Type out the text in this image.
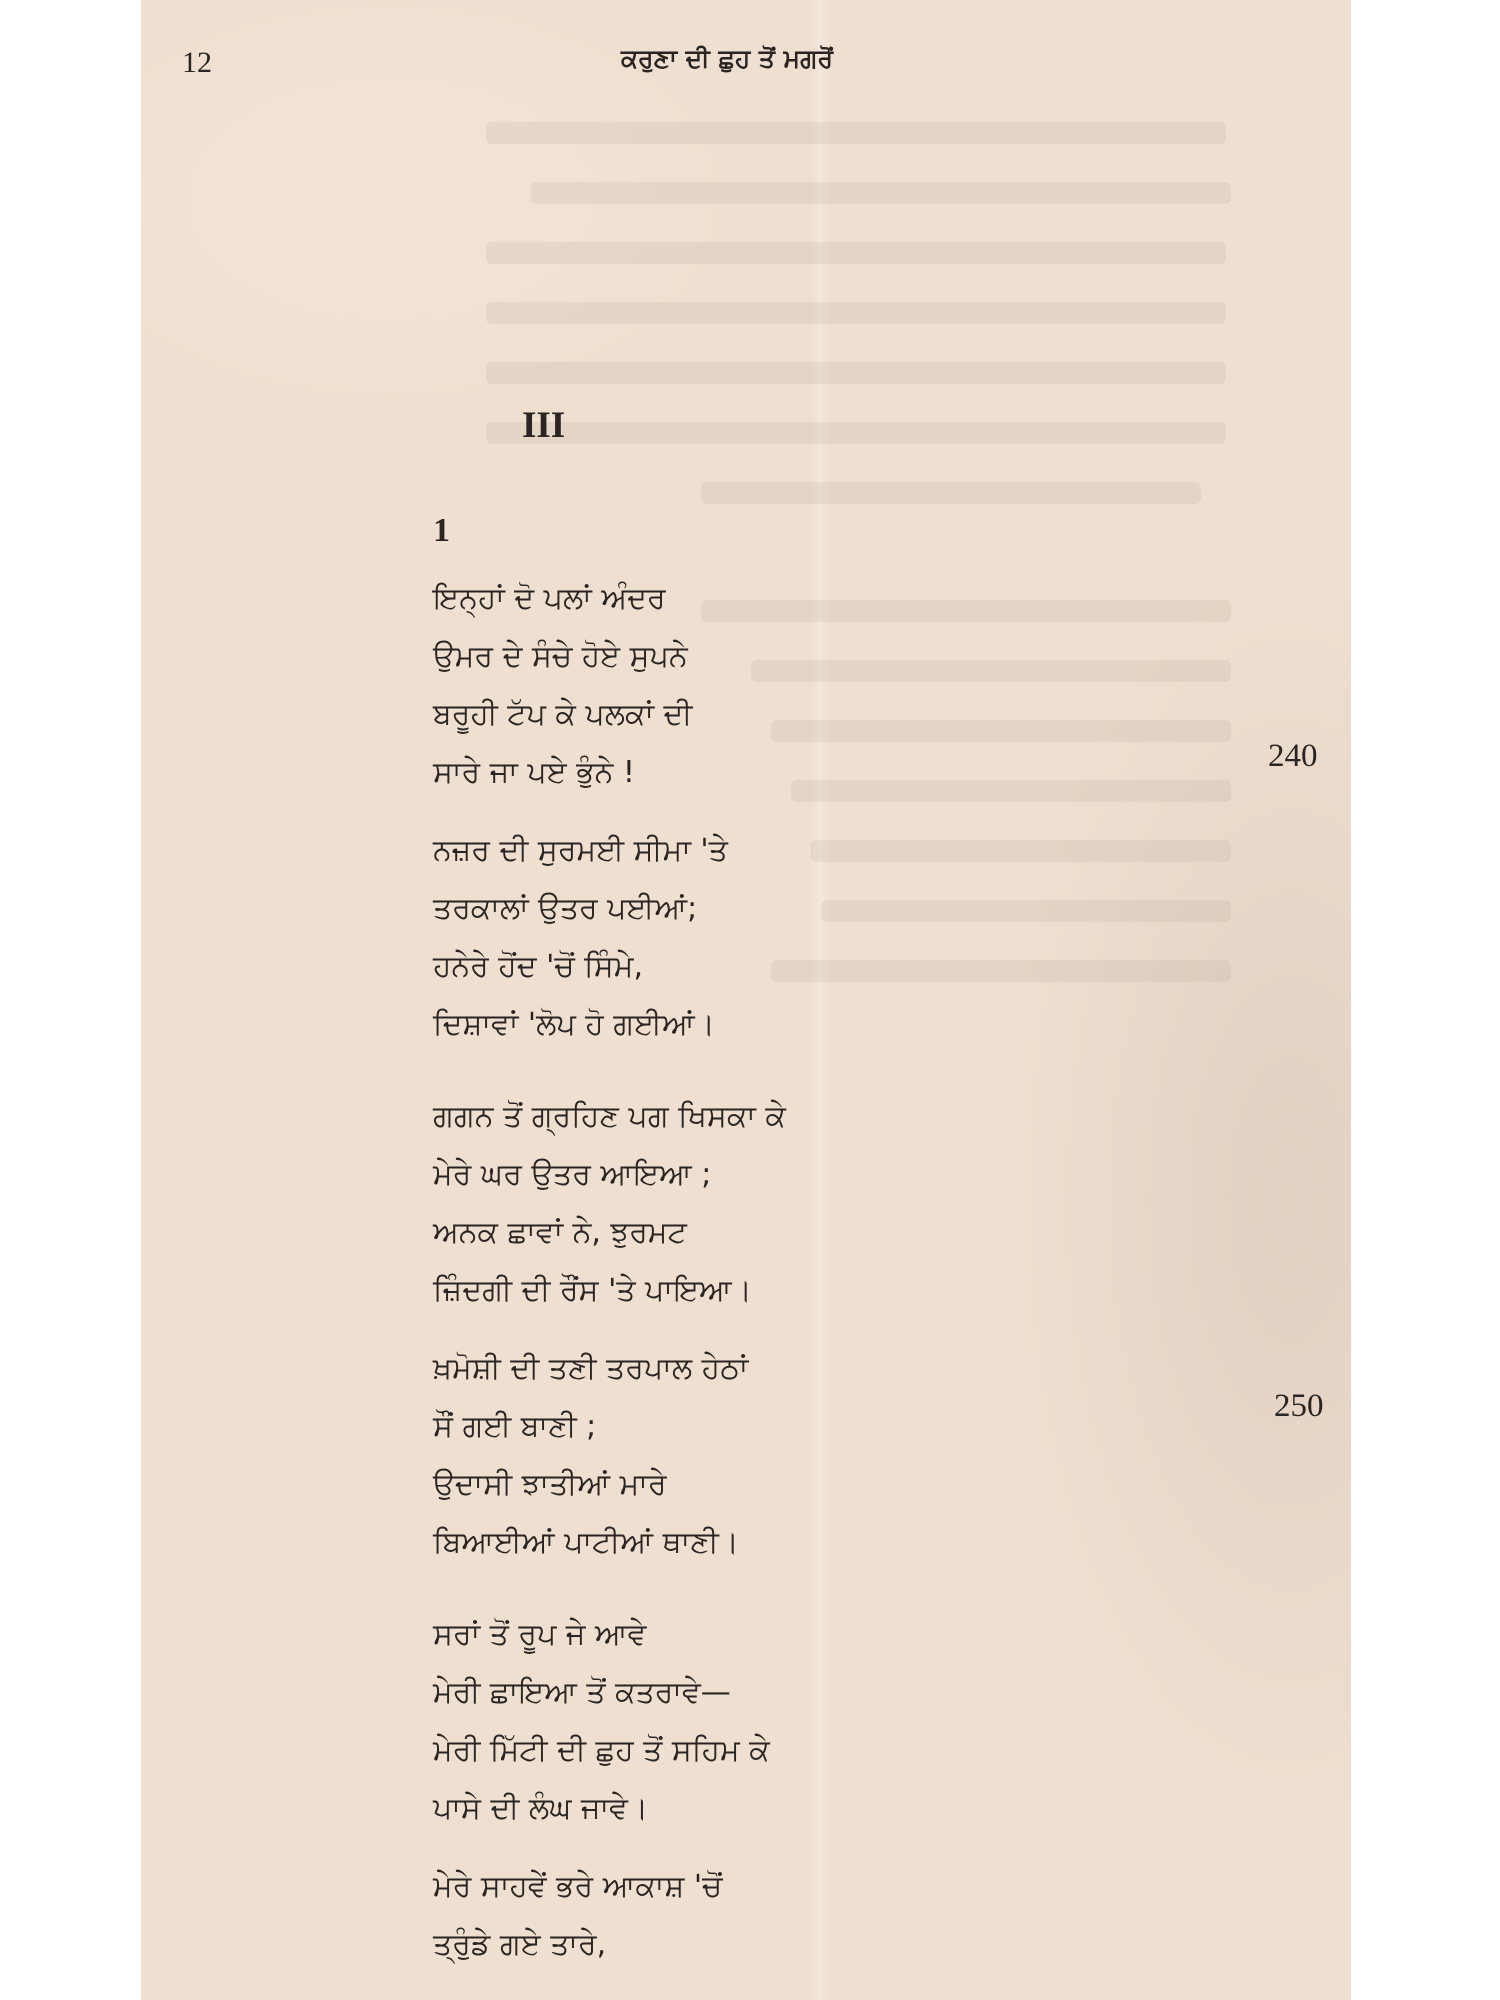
12	ਕਰੁਣਾ ਦੀ ਛੁਹ ਤੋਂ ਮਗਰੋਂ
III
1
ਇਨ੍ਹਾਂ ਦੋ ਪਲਾਂ ਅੰਦਰ
ਉਮਰ ਦੇ ਸੰਚੇ ਹੋਏ ਸੁਪਨੇ
ਬਰੂਹੀ ਟੱਪ ਕੇ ਪਲਕਾਂ ਦੀ
ਸਾਰੇ ਜਾ ਪਏ ਭੁੰਨੇ !
ਨਜ਼ਰ ਦੀ ਸੁਰਮਈ ਸੀਮਾ 'ਤੇ
ਤਰਕਾਲਾਂ ਉਤਰ ਪਈਆਂ;
ਹਨੇਰੇ ਹੋਂਦ 'ਚੋਂ ਸਿੰਮੇ,
ਦਿਸ਼ਾਵਾਂ 'ਲੋਪ ਹੋ ਗਈਆਂ।
ਗਗਨ ਤੋਂ ਗ੍ਰਹਿਣ ਪਗ ਖਿਸਕਾ ਕੇ
ਮੇਰੇ ਘਰ ਉਤਰ ਆਇਆ ;
ਅਨਕ ਛਾਵਾਂ ਨੇ, ਝੁਰਮਟ
ਜ਼ਿੰਦਗੀ ਦੀ ਰੌਂਸ 'ਤੇ ਪਾਇਆ।
ਖ਼ਮੋਸ਼ੀ ਦੀ ਤਣੀ ਤਰਪਾਲ ਹੇਠਾਂ
ਸੌਂ ਗਈ ਬਾਣੀ ;
ਉਦਾਸੀ ਝਾਤੀਆਂ ਮਾਰੇ
ਬਿਆਈਆਂ ਪਾਟੀਆਂ ਥਾਣੀ।
ਸਰਾਂ ਤੋਂ ਰੂਪ ਜੇ ਆਵੇ
ਮੇਰੀ ਛਾਇਆ ਤੋਂ ਕਤਰਾਵੇ—
ਮੇਰੀ ਮਿੱਟੀ ਦੀ ਛੁਹ ਤੋਂ ਸਹਿਮ ਕੇ
ਪਾਸੇ ਦੀ ਲੰਘ ਜਾਵੇ।
ਮੇਰੇ ਸਾਹਵੇਂ ਭਰੇ ਆਕਾਸ਼ 'ਚੋਂ
ਤ੍ਰੁੰਡੇ ਗਏ ਤਾਰੇ,
240
250
